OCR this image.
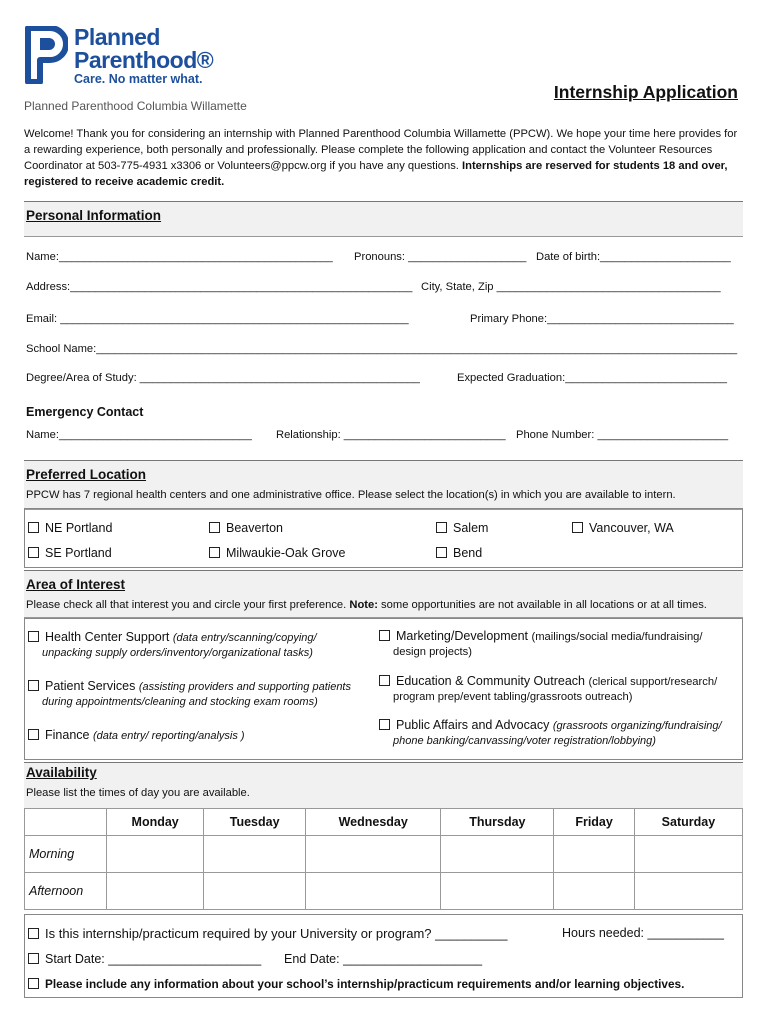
Planned
Parenthood®
Care. No matter what.
Planned Parenthood Columbia Willamette
Internship Application
Welcome! Thank you for considering an internship with Planned Parenthood Columbia Willamette (PPCW). We hope your time here provides for a rewarding experience, both personally and professionally. Please complete the following application and contact the Volunteer Resources Coordinator at 503-775-4931 x3306 or Volunteers@ppcw.org if you have any questions. Internships are reserved for students 18 and over, registered to receive academic credit.
Personal Information
Name:____________________________________________ Pronouns: ___________________ Date of birth:_____________________
Address:_______________________________________________________ City, State, Zip ____________________________________
Email: ________________________________________________________	Primary Phone:______________________________
School Name:_______________________________________________________________________________________________________
Degree/Area of Study: _____________________________________________	Expected Graduation:__________________________
Emergency Contact
Name:_______________________________ Relationship: __________________________ Phone Number: _____________________
Preferred Location
PPCW has 7 regional health centers and one administrative office. Please select the location(s) in which you are available to intern.
NE Portland	Beaverton	Salem	Vancouver, WA
SE Portland	Milwaukie-Oak Grove	Bend
Area of Interest
Please check all that interest you and circle your first preference. Note: some opportunities are not available in all locations or at all times.
Health Center Support (data entry/scanning/copying/
unpacking supply orders/inventory/organizational tasks)
Patient Services (assisting providers and supporting patients
during appointments/cleaning and stocking exam rooms)
Finance (data entry/ reporting/analysis )
Marketing/Development (mailings/social media/fundraising/
design projects)
Education & Community Outreach (clerical support/research/
program prep/event tabling/grassroots outreach)
Public Affairs and Advocacy (grassroots organizing/fundraising/
phone banking/canvassing/voter registration/lobbying)
Availability
Please list the times of day you are available.
	Monday	Tuesday	Wednesday	Thursday	Friday	Saturday
Morning						
Afternoon						
Is this internship/practicum required by your University or program? __________	Hours needed: ___________
Start Date: ______________________ End Date: ____________________
Please include any information about your school’s internship/practicum requirements and/or learning objectives.
